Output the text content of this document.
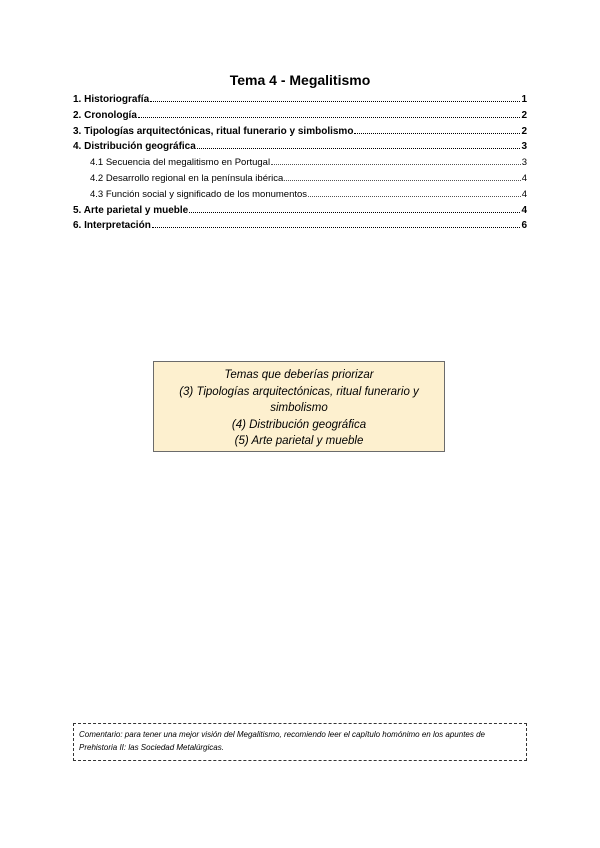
Tema 4 - Megalitismo
1. Historiografía	1
2. Cronología	2
3. Tipologías arquitectónicas, ritual funerario y simbolismo	2
4. Distribución geográfica	3
4.1 Secuencia del megalitismo en Portugal	3
4.2 Desarrollo regional en la península ibérica	4
4.3 Función social y significado de los monumentos	4
5. Arte parietal y mueble	4
6. Interpretación	6
Temas que deberías priorizar
(3) Tipologías arquitectónicas, ritual funerario y simbolismo
(4) Distribución geográfica
(5) Arte parietal y mueble
Comentario: para tener una mejor visión del Megalitismo, recomiendo leer el capítulo homónimo en los apuntes de Prehistoria II: las Sociedad Metalúrgicas.
